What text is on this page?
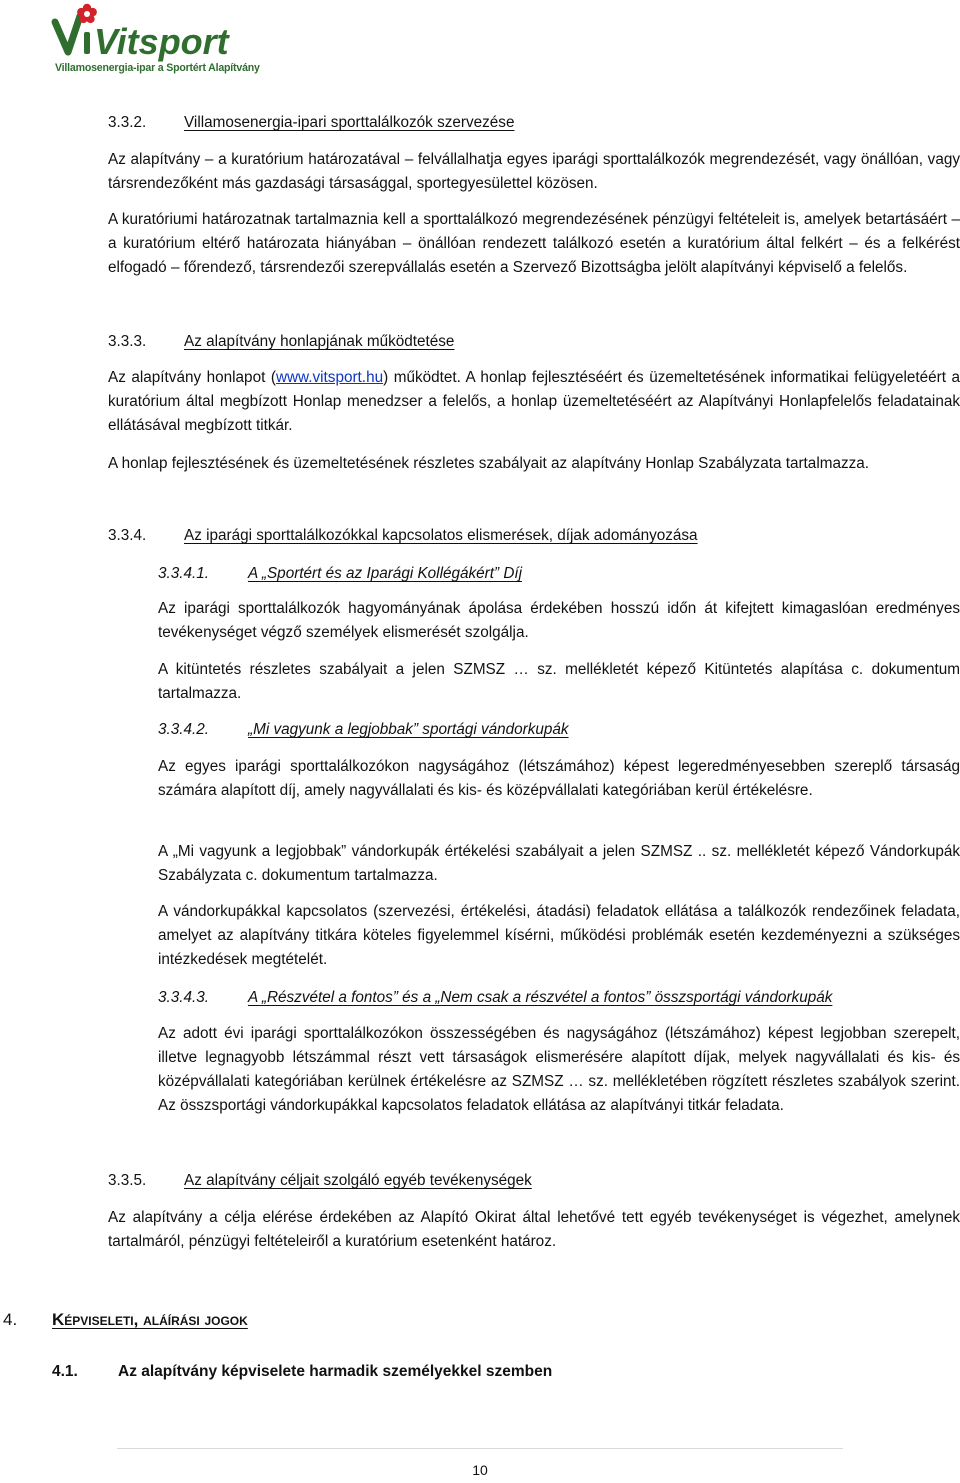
Vitsport
Villamosenergia-ipar a Sportért Alapítvány
3.3.2. Villamosenergia-ipari sporttalálkozók szervezése

Az alapítvány – a kuratórium határozatával – felvállalhatja egyes iparági sporttalálkozók megrendezését, vagy önállóan, vagy társrendezőként más gazdasági társasággal, sportegyesülettel közösen.

A kuratóriumi határozatnak tartalmaznia kell a sporttalálkozó megrendezésének pénzügyi feltételeit is, amelyek betartásáért – a kuratórium eltérő határozata hiányában – önállóan rendezett találkozó esetén a kuratórium által felkért – és a felkérést elfogadó – főrendező, társrendezői szerepvállalás esetén a Szervező Bizottságba jelölt alapítványi képviselő a felelős.

3.3.3. Az alapítvány honlapjának működtetése

Az alapítvány honlapot (www.vitsport.hu) működtet. A honlap fejlesztéséért és üzemeltetésének informatikai felügyeletéért a kuratórium által megbízott Honlap menedzser a felelős, a honlap üzemeltetéséért az Alapítványi Honlapfelelős feladatainak ellátásával megbízott titkár.

A honlap fejlesztésének és üzemeltetésének részletes szabályait az alapítvány Honlap Szabályzata tartalmazza.

3.3.4. Az iparági sporttalálkozókkal kapcsolatos elismerések, díjak adományozása
3.3.4.1.	A „Sportért és az Iparági Kollégákért” Díj

Az iparági sporttalálkozók hagyományának ápolása érdekében hosszú időn át kifejtett kimagaslóan eredményes tevékenységet végző személyek elismerését szolgálja.

A kitüntetés részletes szabályait a jelen SZMSZ … sz. mellékletét képező Kitüntetés alapítása c. dokumentum tartalmazza.

3.3.4.2.	„Mi vagyunk a legjobbak” sportági vándorkupák

Az egyes iparági sporttalálkozókon nagyságához (létszámához) képest legeredményesebben szereplő társaság számára alapított díj, amely nagyvállalati és kis- és középvállalati kategóriában kerül értékelésre.

A „Mi vagyunk a legjobbak” vándorkupák értékelési szabályait a jelen SZMSZ .. sz. mellékletét képező Vándorkupák Szabályzata c. dokumentum tartalmazza.

A vándorkupákkal kapcsolatos (szervezési, értékelési, átadási) feladatok ellátása a találkozók rendezőinek feladata, amelyet az alapítvány titkára köteles figyelemmel kísérni, működési problémák esetén kezdeményezni a szükséges intézkedések megtételét.

3.3.4.3.	A „Részvétel a fontos” és a „Nem csak a részvétel a fontos” összsportági vándorkupák

Az adott évi iparági sporttalálkozókon összességében és nagyságához (létszámához) képest legjobban szerepelt, illetve legnagyobb létszámmal részt vett társaságok elismerésére alapított díjak, melyek nagyvállalati és kis- és középvállalati kategóriában kerülnek értékelésre az SZMSZ … sz. mellékletében rögzített részletes szabályok szerint. Az összsportági vándorkupákkal kapcsolatos feladatok ellátása az alapítványi titkár feladata.

3.3.5. Az alapítvány céljait szolgáló egyéb tevékenységek

Az alapítvány a célja elérése érdekében az Alapító Okirat által lehetővé tett egyéb tevékenységet is végezhet, amelynek tartalmáról, pénzügyi feltételeiről a kuratórium esetenként határoz.

4. Képviseleti, aláírási jogok
4.1.	Az alapítvány képviselete harmadik személyekkel szemben
10
